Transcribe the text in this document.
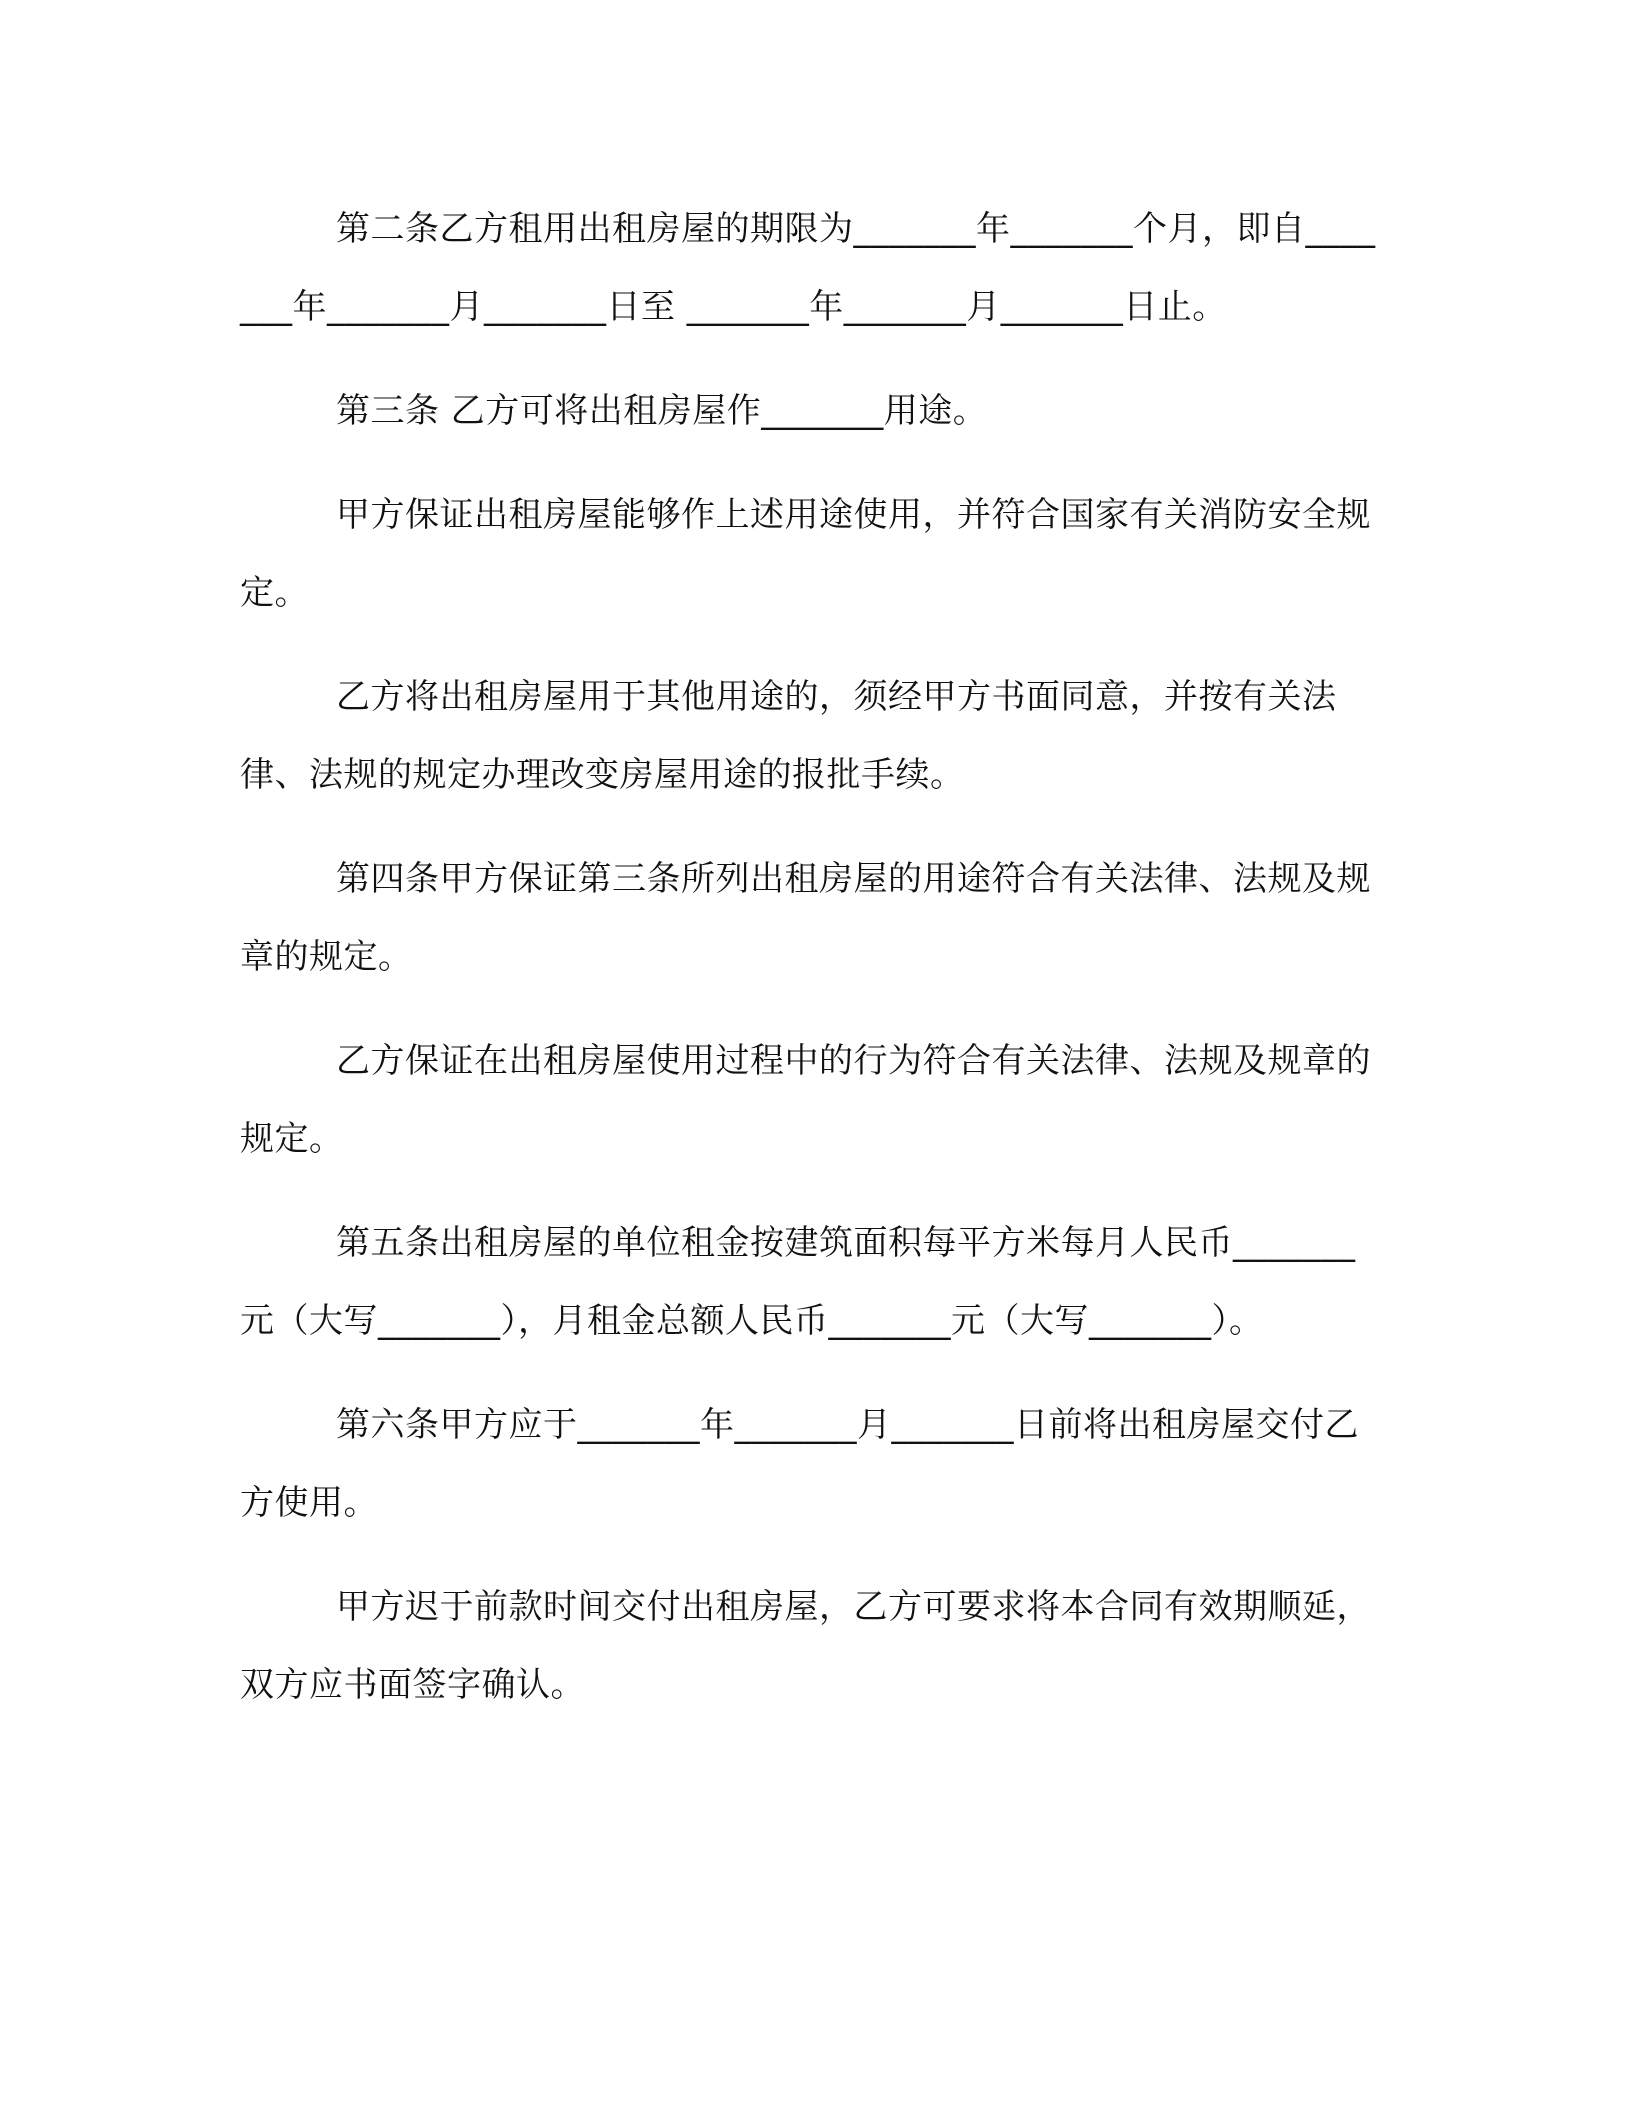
第二条乙方租用出租房屋的期限为_______年_______个月，即自_______年_______月_______日至 _______年_______月_______日止。

第三条 乙方可将出租房屋作_______用途。

甲方保证出租房屋能够作上述用途使用，并符合国家有关消防安全规定。

乙方将出租房屋用于其他用途的，须经甲方书面同意，并按有关法律、法规的规定办理改变房屋用途的报批手续。

第四条甲方保证第三条所列出租房屋的用途符合有关法律、法规及规章的规定。

乙方保证在出租房屋使用过程中的行为符合有关法律、法规及规章的规定。

第五条出租房屋的单位租金按建筑面积每平方米每月人民币_______元（大写_______），月租金总额人民币_______元（大写_______）。

第六条甲方应于_______年_______月_______日前将出租房屋交付乙方使用。

甲方迟于前款时间交付出租房屋，乙方可要求将本合同有效期顺延，双方应书面签字确认。
